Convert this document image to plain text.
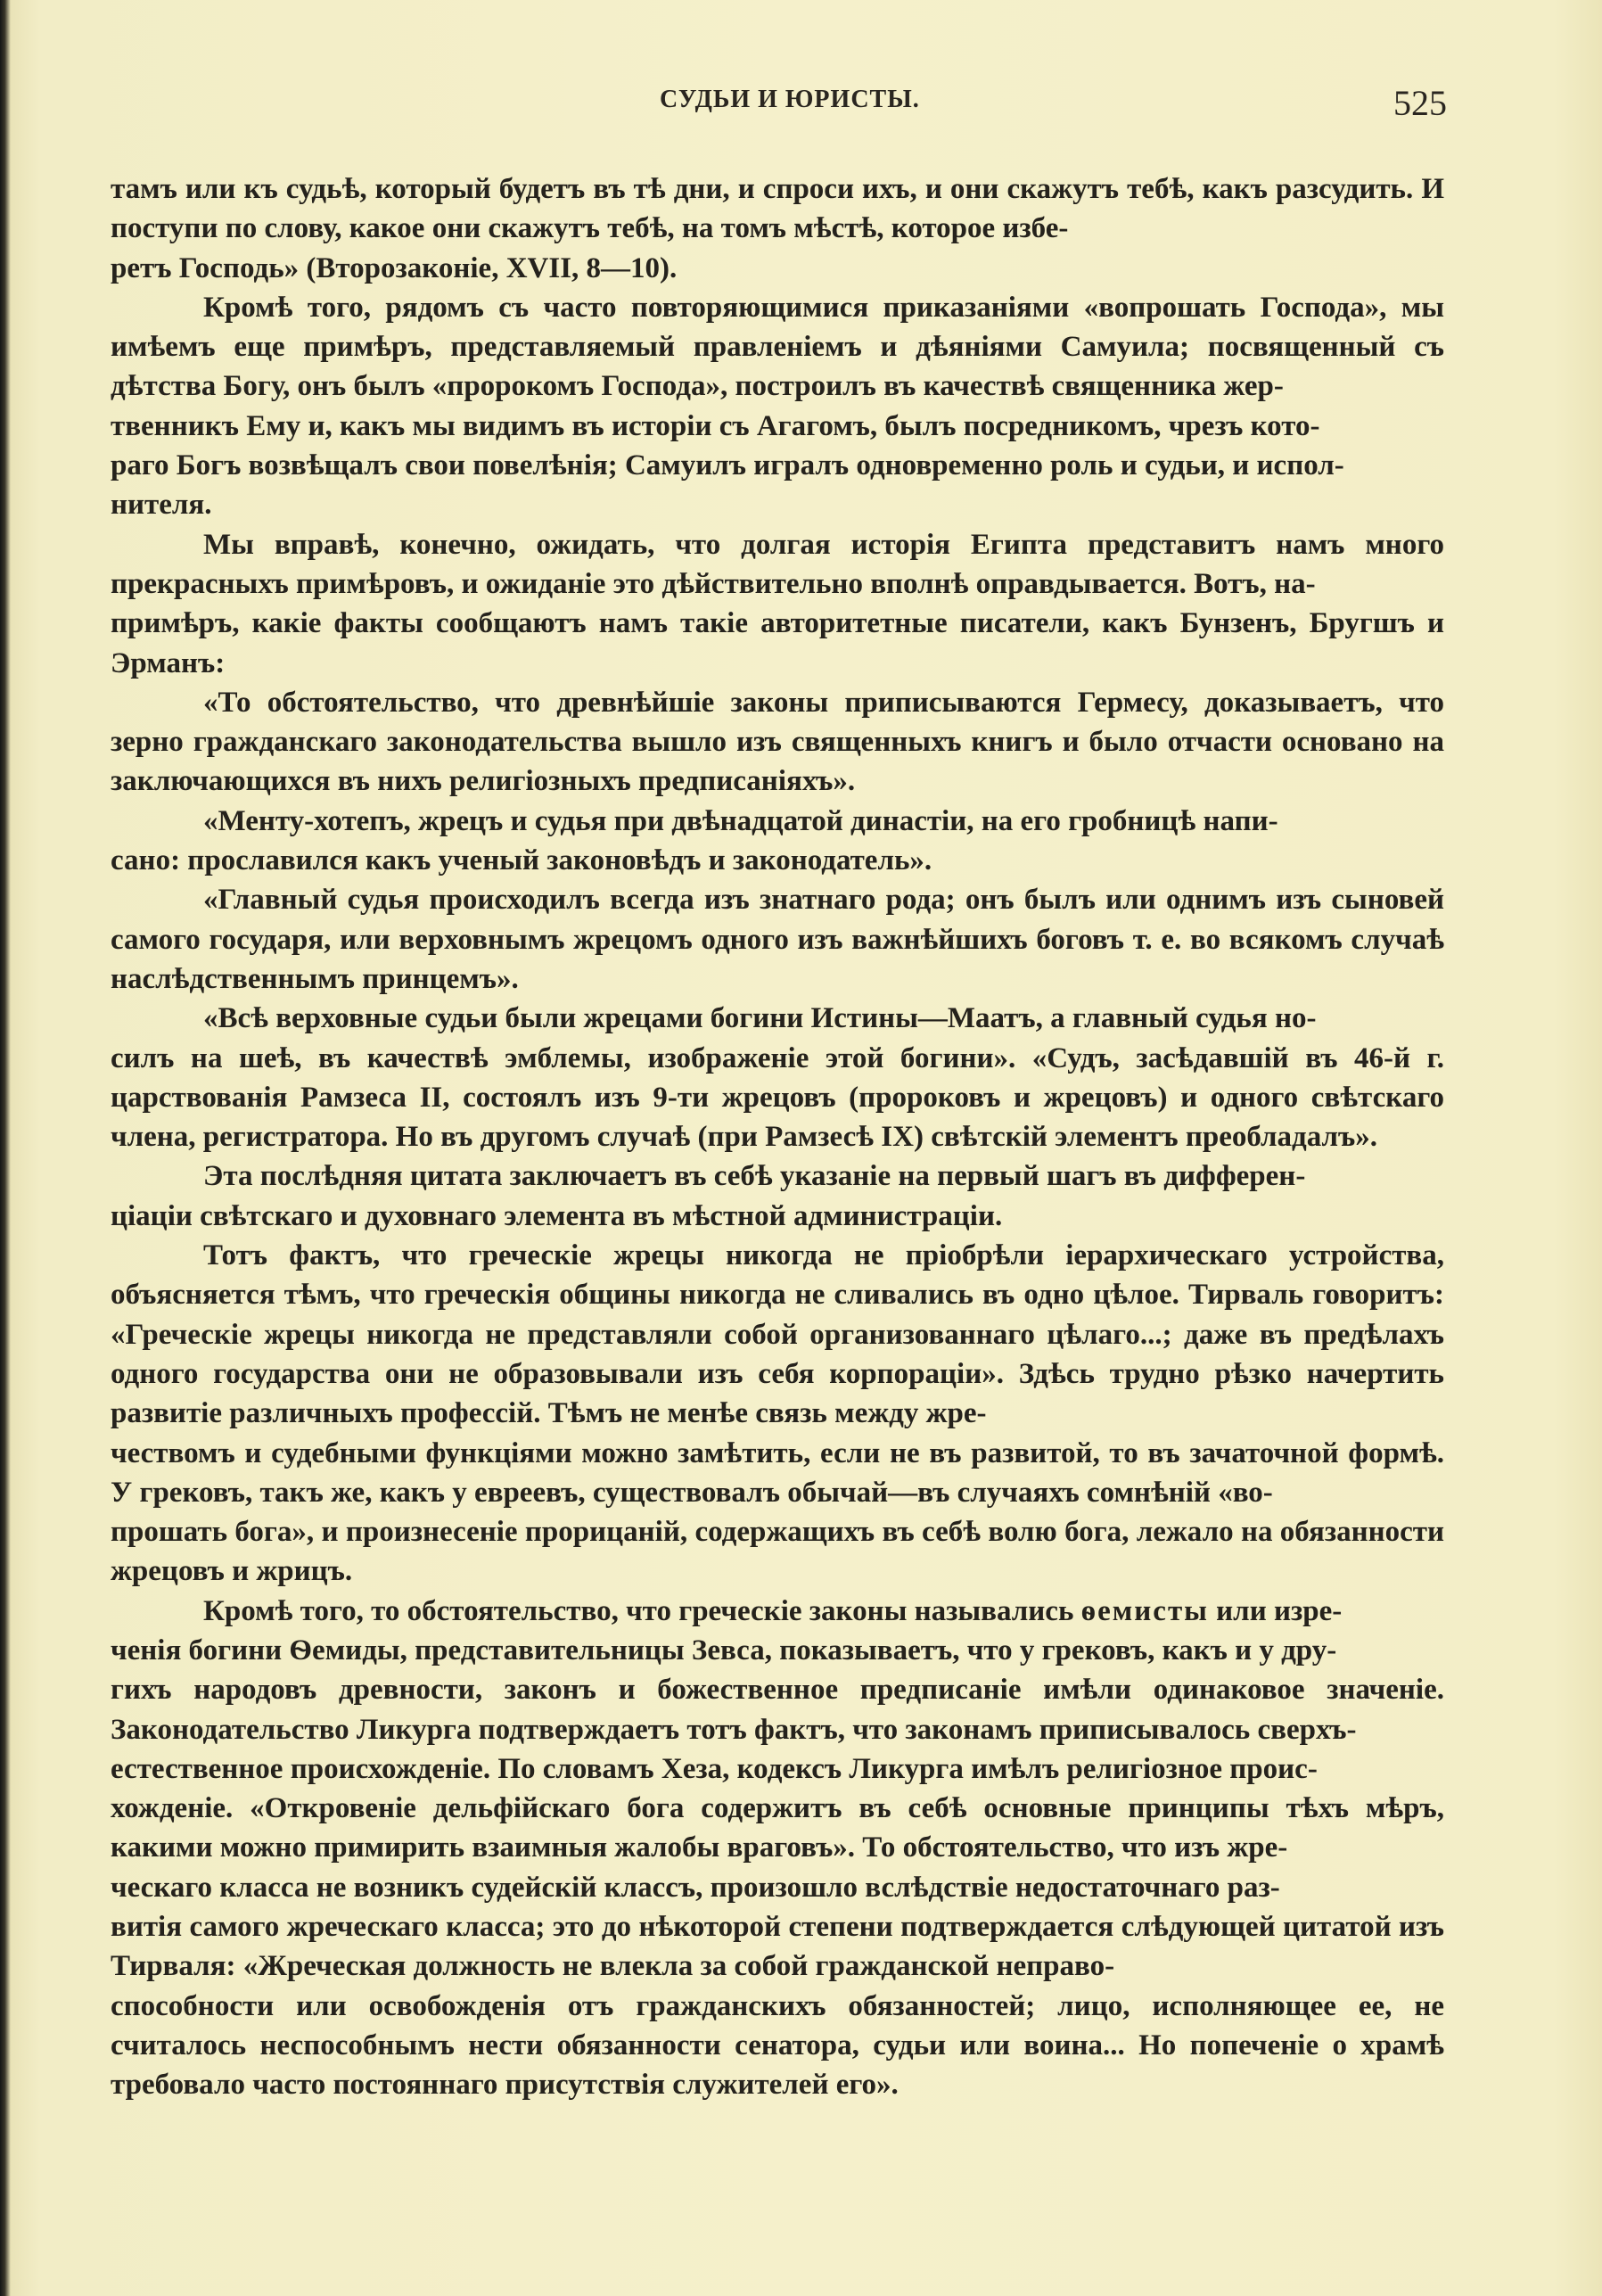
СУДЬИ И ЮРИСТЫ.	525

тамъ или къ судьѣ, который будетъ въ тѣ дни, и спроси ихъ, и они скажутъ тебѣ, какъ разсудить. И поступи по слову, какое они скажутъ тебѣ, на томъ мѣстѣ, которое избе-
ретъ Господь» (Второзаконіе, XVII, 8—10).

Кромѣ того, рядомъ съ часто повторяющимися приказаніями «вопрошать Господа», мы имѣемъ еще примѣръ, представляемый правленіемъ и дѣяніями Самуила; посвященный съ дѣтства Богу, онъ былъ «пророкомъ Господа», построилъ въ качествѣ священника жер-
твенникъ Ему и, какъ мы видимъ въ исторіи съ Агагомъ, былъ посредникомъ, чрезъ кото-
раго Богъ возвѣщалъ свои повелѣнія; Самуилъ игралъ одновременно роль и судьи, и испол-
нителя.

Мы вправѣ, конечно, ожидать, что долгая исторія Египта представитъ намъ много прекрасныхъ примѣровъ, и ожиданіе это дѣйствительно вполнѣ оправдывается. Вотъ, на-
примѣръ, какіе факты сообщаютъ намъ такіе авторитетные писатели, какъ Бунзенъ, Бругшъ и Эрманъ:

«То обстоятельство, что древнѣйшіе законы приписываются Гермесу, доказываетъ, что зерно гражданскаго законодательства вышло изъ священныхъ книгъ и было отчасти основано на заключающихся въ нихъ религіозныхъ предписаніяхъ».

«Менту-хотепъ, жрецъ и судья при двѣнадцатой династіи, на его гробницѣ напи-
сано: прославился какъ ученый законовѣдъ и законодатель».

«Главный судья происходилъ всегда изъ знатнаго рода; онъ былъ или однимъ изъ сыновей самого государя, или верховнымъ жрецомъ одного изъ важнѣйшихъ боговъ т. е. во всякомъ случаѣ наслѣдственнымъ принцемъ».

«Всѣ верховные судьи были жрецами богини Истины—Маатъ, а главный судья но-
силъ на шеѣ, въ качествѣ эмблемы, изображеніе этой богини». «Судъ, засѣдавшій въ 46-й г. царствованія Рамзеса II, состоялъ изъ 9-ти жрецовъ (пророковъ и жрецовъ) и одного свѣтскаго члена, регистратора. Но въ другомъ случаѣ (при Рамзесѣ IX) свѣтскій элементъ преобладалъ».

Эта послѣдняя цитата заключаетъ въ себѣ указаніе на первый шагъ въ дифферен-
ціаціи свѣтскаго и духовнаго элемента въ мѣстной администраціи.

Тотъ фактъ, что греческіе жрецы никогда не пріобрѣли іерархическаго устройства, объясняется тѣмъ, что греческія общины никогда не сливались въ одно цѣлое. Тирваль говоритъ: «Греческіе жрецы никогда не представляли собой организованнаго цѣлаго...; даже въ предѣлахъ одного государства они не образовывали изъ себя корпораціи». Здѣсь трудно рѣзко начертить развитіе различныхъ профессій. Тѣмъ не менѣе связь между жре-
чествомъ и судебными функціями можно замѣтить, если не въ развитой, то въ зачаточной формѣ. У грековъ, такъ же, какъ у евреевъ, существовалъ обычай—въ случаяхъ сомнѣній «во-
прошать бога», и произнесеніе прорицаній, содержащихъ въ себѣ волю бога, лежало на обязанности жрецовъ и жрицъ.

Кромѣ того, то обстоятельство, что греческіе законы назывались ѳемисты или изре-
ченія богини Ѳемиды, представительницы Зевса, показываетъ, что у грековъ, какъ и у дру-
гихъ народовъ древности, законъ и божественное предписаніе имѣли одинаковое значеніе. Законодательство Ликурга подтверждаетъ тотъ фактъ, что законамъ приписывалось сверхъ-
естественное происхожденіе. По словамъ Хеза, кодексъ Ликурга имѣлъ религіозное проис-
хожденіе. «Откровеніе дельфійскаго бога содержитъ въ себѣ основные принципы тѣхъ мѣръ, какими можно примирить взаимныя жалобы враговъ». То обстоятельство, что изъ жре-
ческаго класса не возникъ судейскій классъ, произошло вслѣдствіе недостаточнаго раз-
витія самого жреческаго класса; это до нѣкоторой степени подтверждается слѣдующей цитатой изъ Тирваля: «Жреческая должность не влекла за собой гражданской неправо-
способности или освобожденія отъ гражданскихъ обязанностей; лицо, исполняющее ее, не считалось неспособнымъ нести обязанности сенатора, судьи или воина... Но попеченіе о храмѣ требовало часто постояннаго присутствія служителей его».
